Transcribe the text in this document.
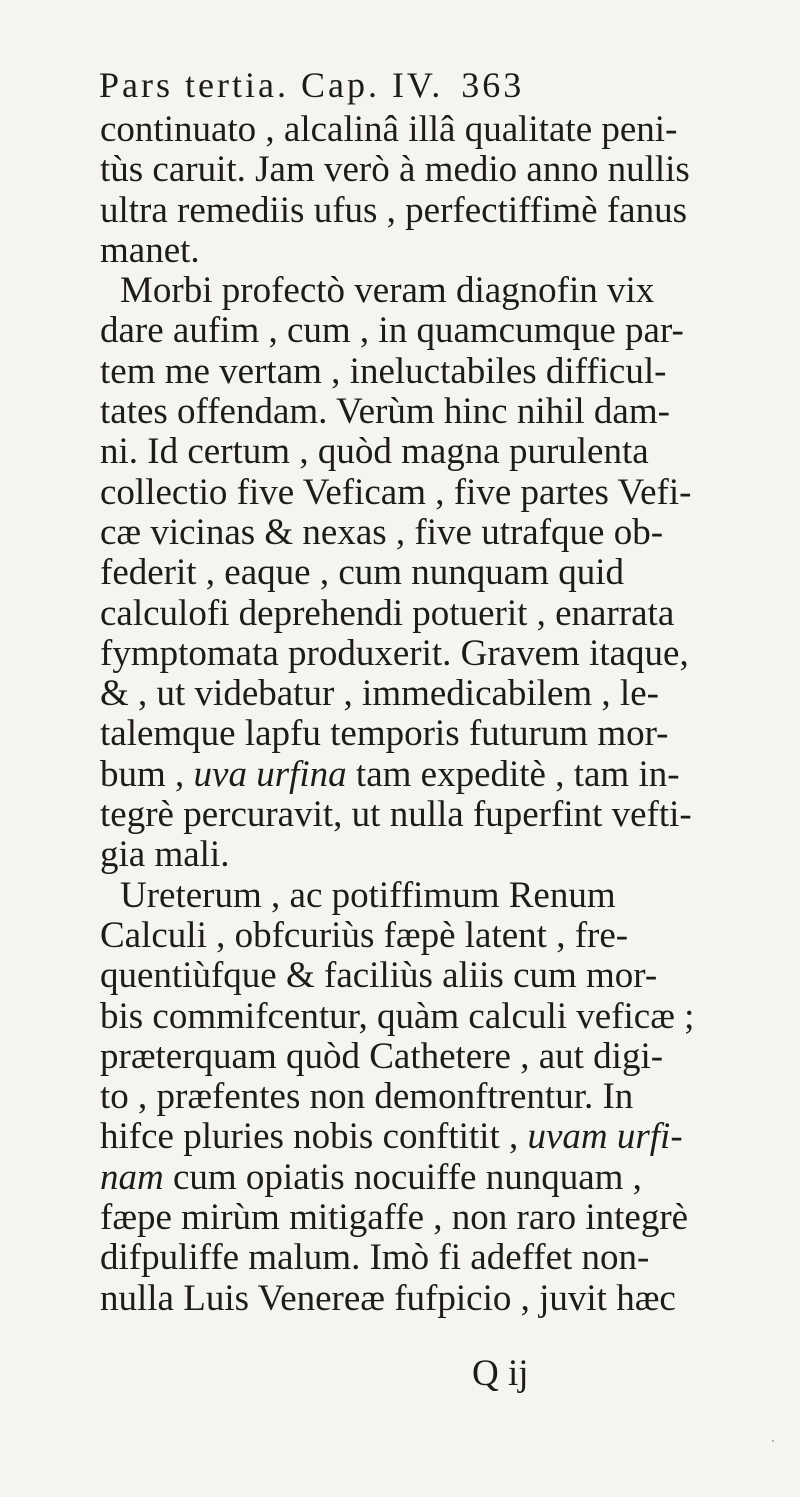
Pars tertia. Cap. IV. 363
continuato , alcalinâ illâ qualitate peni-
tùs caruit. Jam verò à medio anno nullis
ultra remediis ufus , perfectiffimè fanus
manet.
Morbi profectò veram diagnofin vix
dare aufim , cum , in quamcumque par-
tem me vertam , ineluctabiles difficul-
tates offendam. Verùm hinc nihil dam-
ni. Id certum , quòd magna purulenta
collectio five Veficam , five partes Vefi-
cæ vicinas & nexas , five utrafque ob-
federit , eaque , cum nunquam quid
calculofi deprehendi potuerit , enarrata
fymptomata produxerit. Gravem itaque,
& , ut videbatur , immedicabilem , le-
talemque lapfu temporis futurum mor-
bum , uva urfina tam expeditè , tam in-
tegrè percuravit, ut nulla fuperfint vefti-
gia mali.
Ureterum , ac potiffimum Renum
Calculi , obfcuriùs fæpè latent , fre-
quentiùfque & faciliùs aliis cum mor-
bis commifcentur, quàm calculi veficæ ;
præterquam quòd Cathetere , aut digi-
to , præfentes non demonftrentur. In
hifce pluries nobis conftitit , uvam urfi-
nam cum opiatis nocuiffe nunquam ,
fæpe mirùm mitigaffe , non raro integrè
difpuliffe malum. Imò fi adeffet non-
nulla Luis Venereæ fufpicio , juvit hæc
Q ij
